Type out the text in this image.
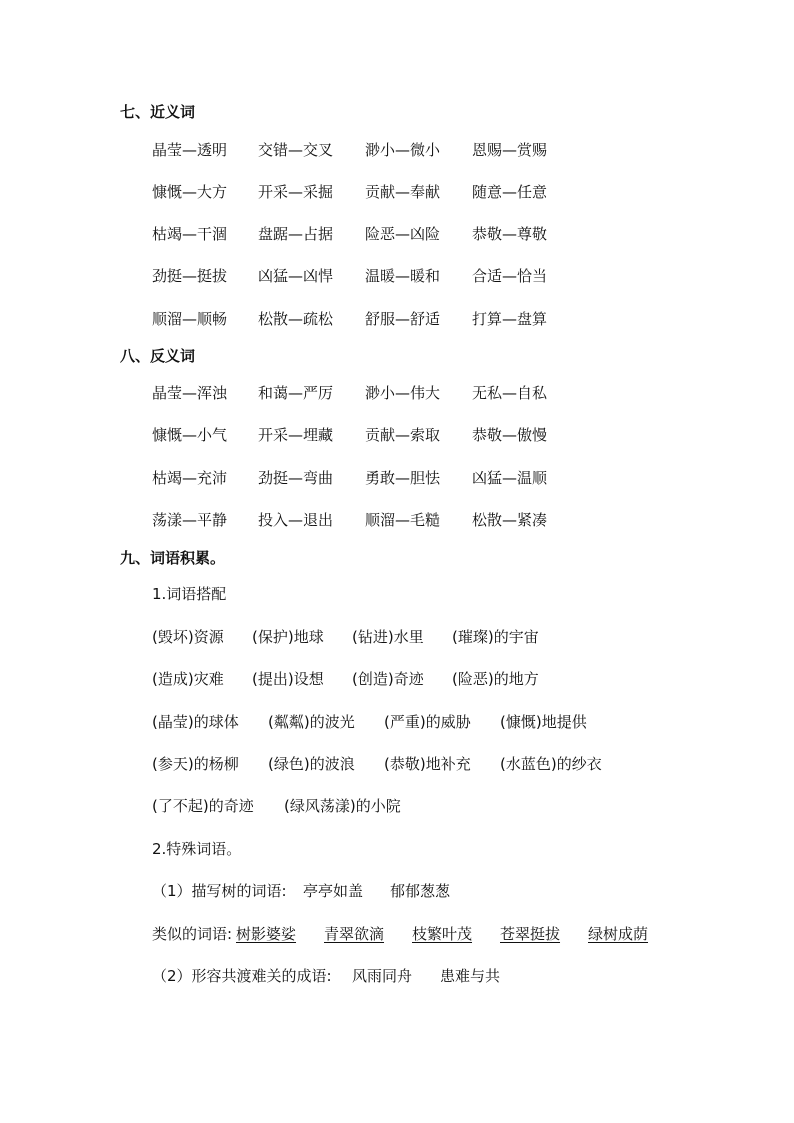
七、近义词
晶莹—透明 交错—交叉 渺小—微小 恩赐—赏赐
慷慨—大方 开采—采掘 贡献—奉献 随意—任意
枯竭—干涸 盘踞—占据 险恶—凶险 恭敬—尊敬
劲挺—挺拔 凶猛—凶悍 温暖—暖和 合适—恰当
顺溜—顺畅 松散—疏松 舒服—舒适 打算—盘算
八、反义词
晶莹—浑浊 和蔼—严厉 渺小—伟大 无私—自私
慷慨—小气 开采—埋藏 贡献—索取 恭敬—傲慢
枯竭—充沛 劲挺—弯曲 勇敢—胆怯 凶猛—温顺
荡漾—平静 投入—退出 顺溜—毛糙 松散—紧凑
九、词语积累。
1.词语搭配
(毁坏)资源 (保护)地球 (钻进)水里 (璀璨)的宇宙
(造成)灾难 (提出)设想 (创造)奇迹 (险恶)的地方
(晶莹)的球体 (粼粼)的波光 (严重)的威胁 (慷慨)地提供
(参天)的杨柳 (绿色)的波浪 (恭敬)地补充 (水蓝色)的纱衣
(了不起)的奇迹 (绿风荡漾)的小院
2.特殊词语。
（1）描写树的词语: 亭亭如盖 郁郁葱葱
类似的词语: 树影婆娑 青翠欲滴 枝繁叶茂 苍翠挺拔 绿树成荫
（2）形容共渡难关的成语: 风雨同舟 患难与共
